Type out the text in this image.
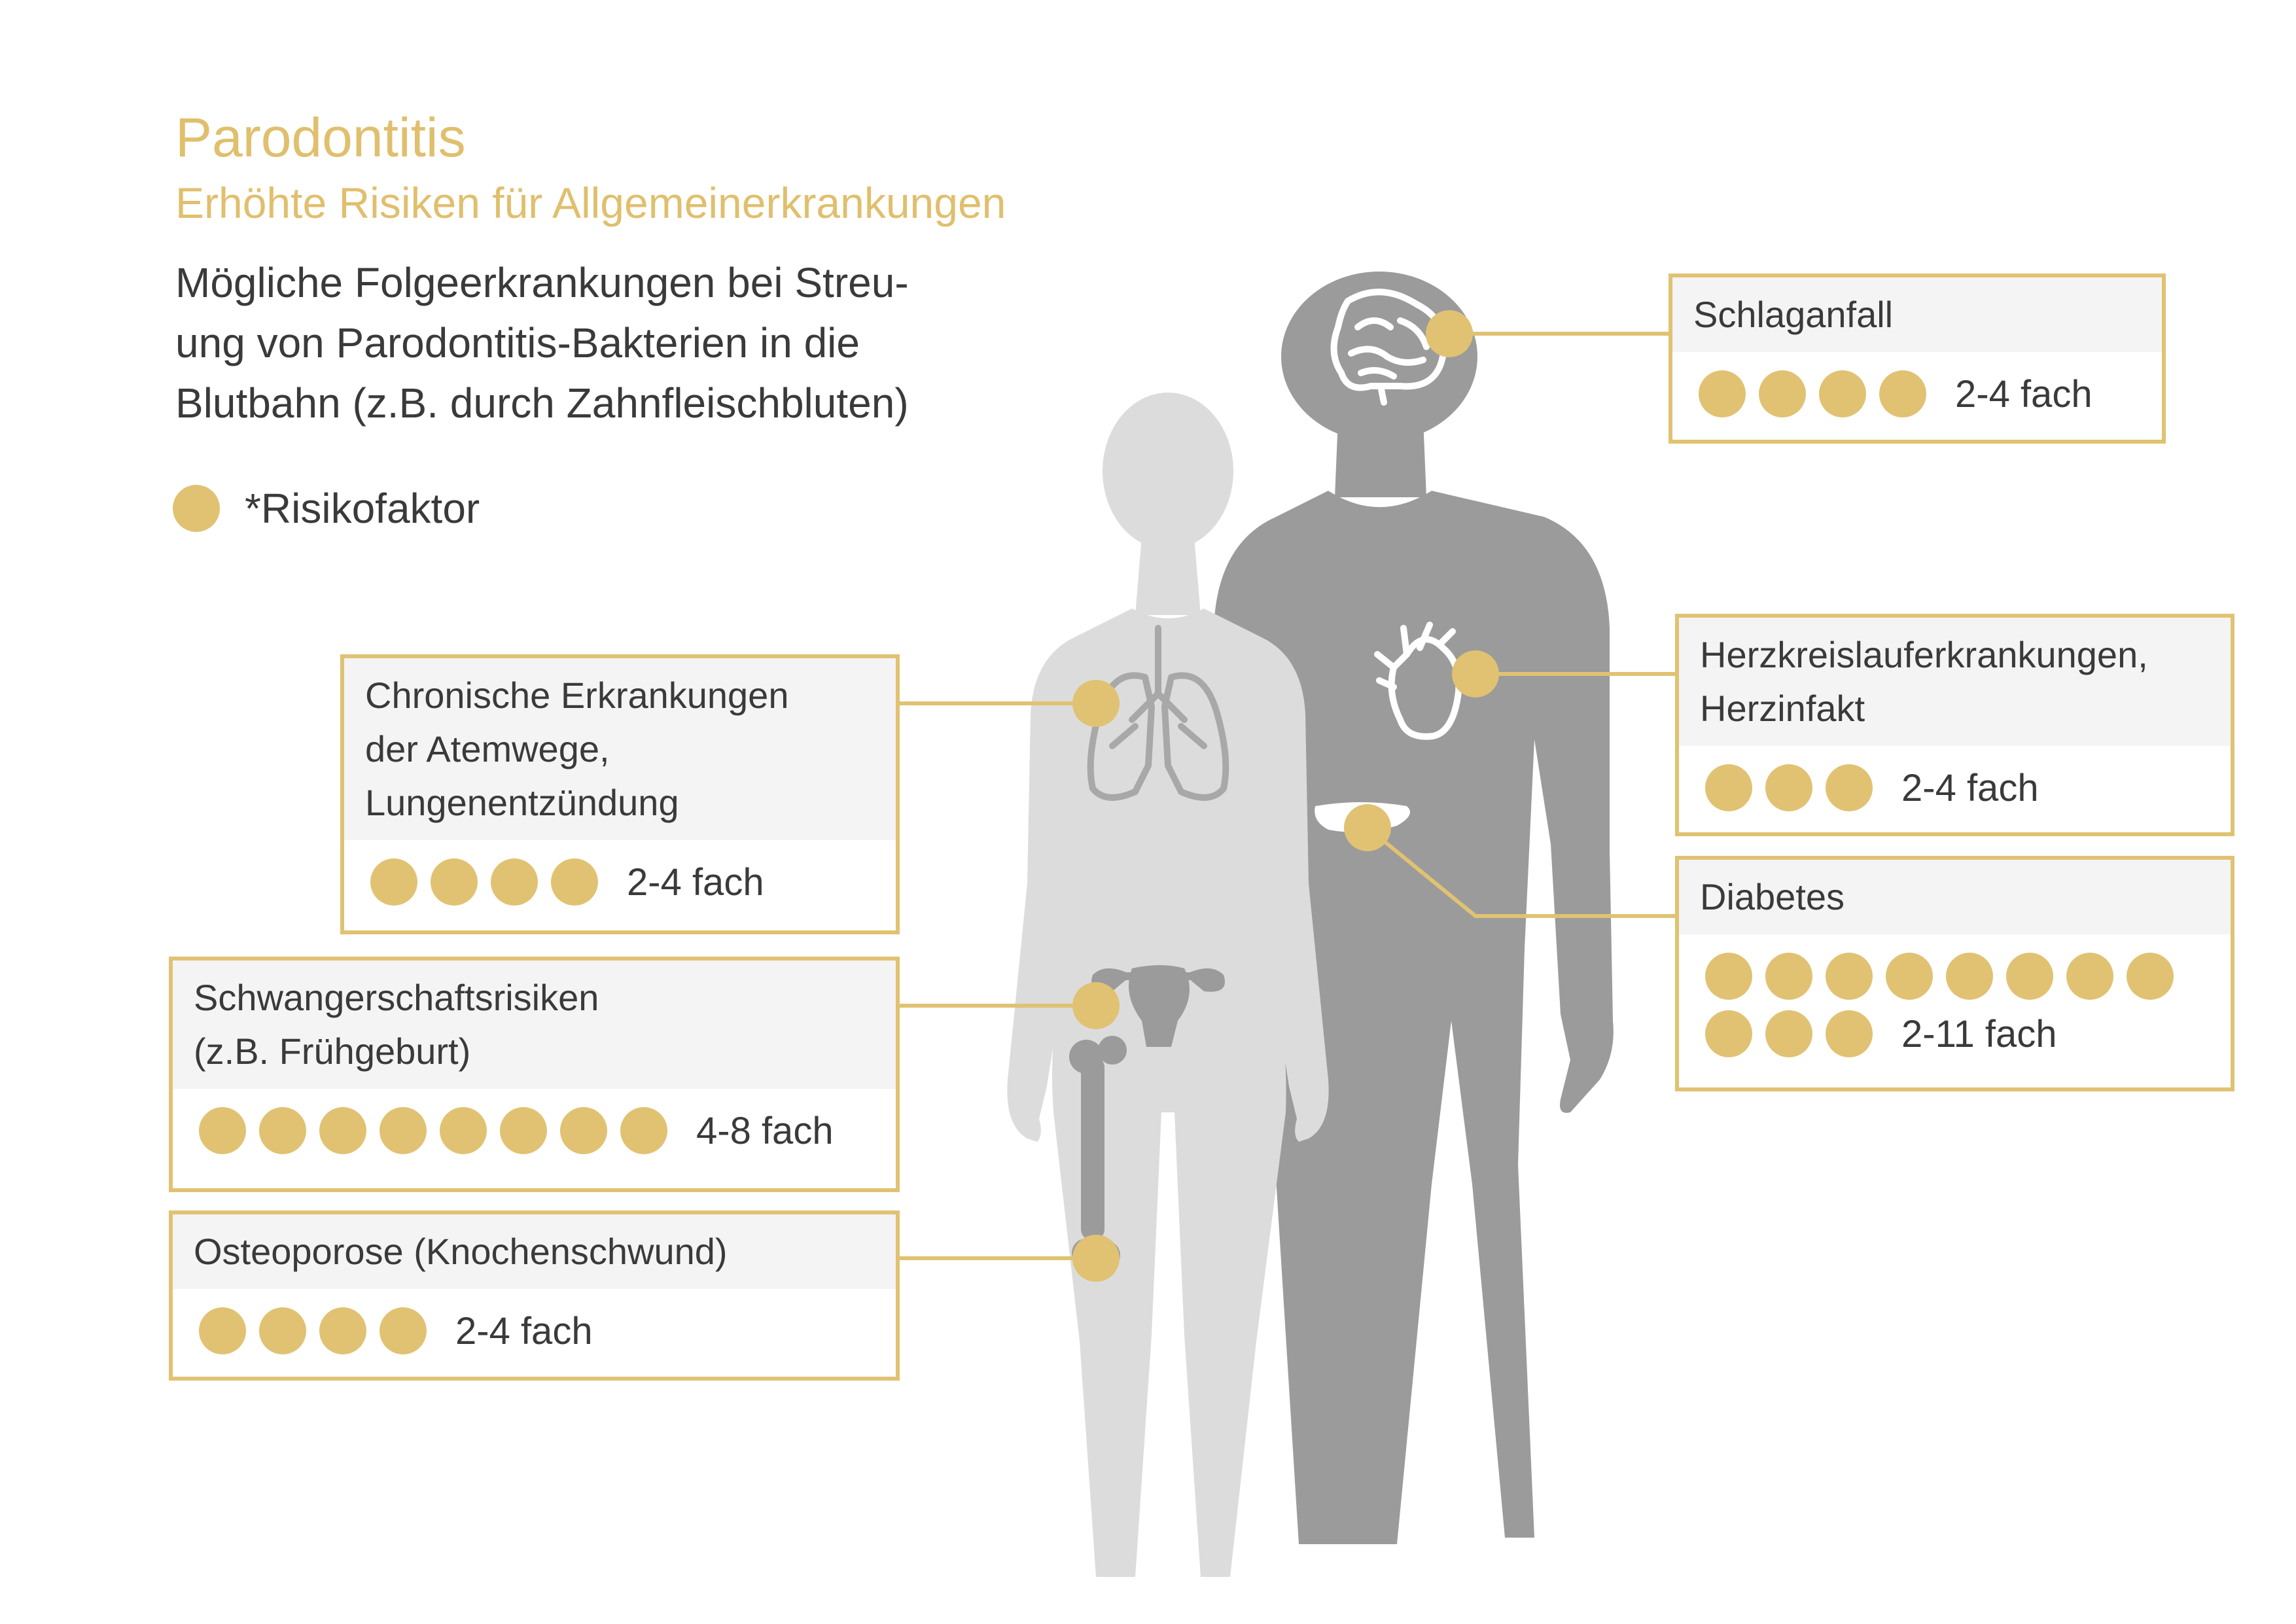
Parodontitis
Erhöhte Risiken für Allgemeinerkrankungen
Mögliche Folgeerkrankungen bei Streu-
ung von Parodontitis-Bakterien in die
Blutbahn (z.B. durch Zahnfleischbluten)
*Risikofaktor
Schlaganfall
2-4 fach
Chronische Erkrankungen
der Atemwege,
Lungenentzündung
2-4 fach
Herzkreislauferkrankungen,
Herzinfakt
2-4 fach
Diabetes
2-11 fach
Schwangerschaftsrisiken
(z.B. Frühgeburt)
4-8 fach
Osteoporose (Knochenschwund)
2-4 fach
